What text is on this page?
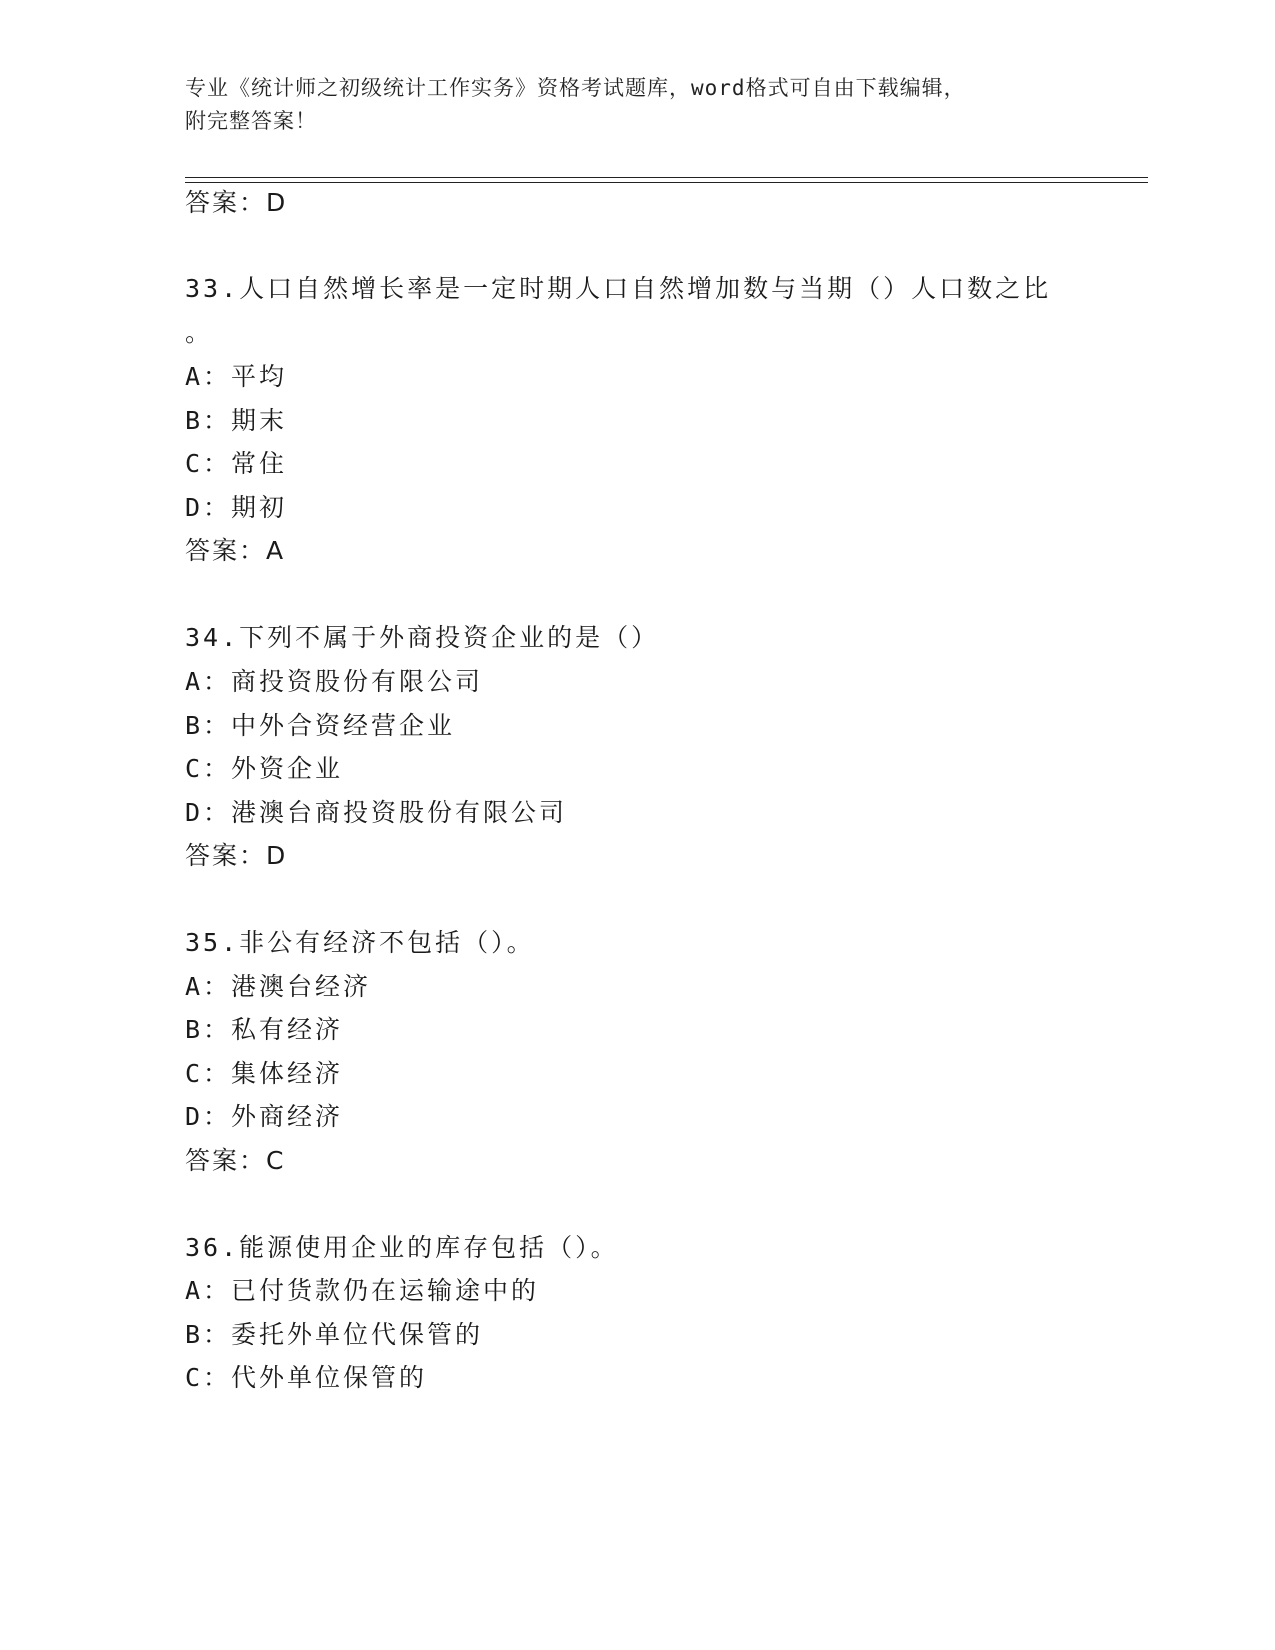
专业《统计师之初级统计工作实务》资格考试题库，word格式可自由下载编辑，
附完整答案！
答案：D
33.人口自然增长率是一定时期人口自然增加数与当期（）人口数之比
。
A：平均
B：期末
C：常住
D：期初
答案：A
34.下列不属于外商投资企业的是（）
A：商投资股份有限公司
B：中外合资经营企业
C：外资企业
D：港澳台商投资股份有限公司
答案：D
35.非公有经济不包括（）。
A：港澳台经济
B：私有经济
C：集体经济
D：外商经济
答案：C
36.能源使用企业的库存包括（）。
A：已付货款仍在运输途中的
B：委托外单位代保管的
C：代外单位保管的
